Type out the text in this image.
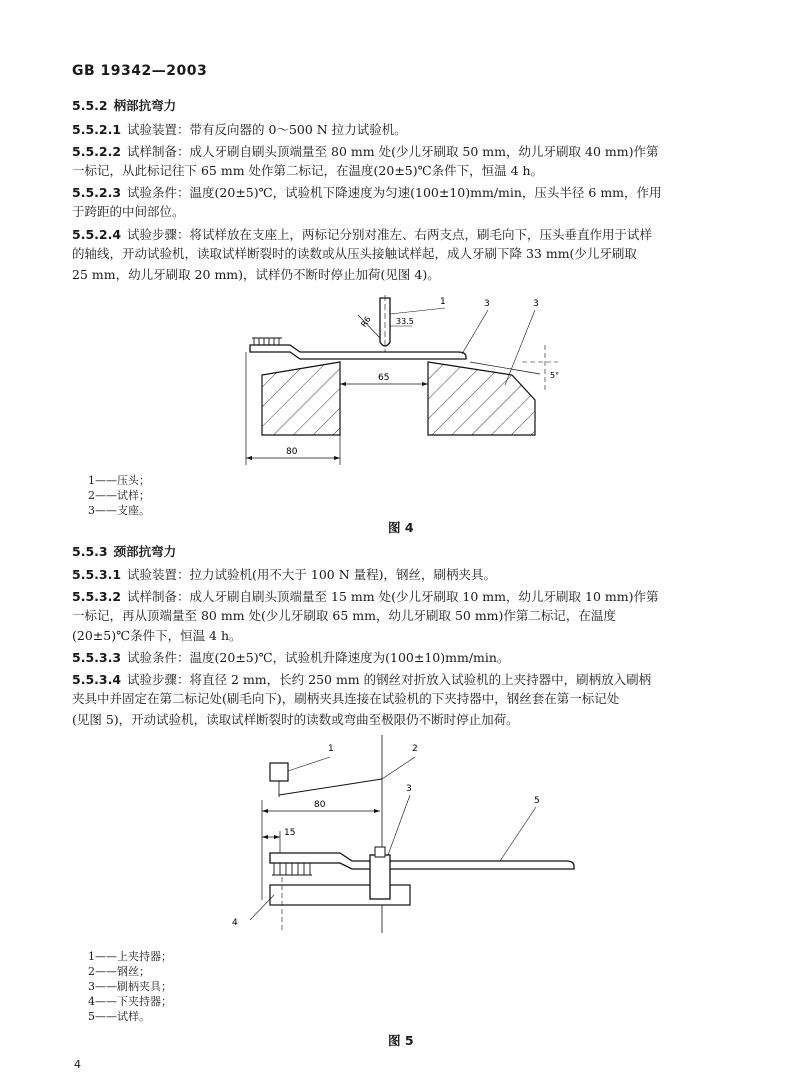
GB 19342—2003
5.5.2 柄部抗弯力
5.5.2.1 试验装置：带有反向器的 0～500 N 拉力试验机。
5.5.2.2 试样制备：成人牙刷自刷头顶端量至 80 mm 处(少儿牙刷取 50 mm，幼儿牙刷取 40 mm)作第
一标记，从此标记往下 65 mm 处作第二标记，在温度(20±5)℃条件下，恒温 4 h。
5.5.2.3 试验条件：温度(20±5)℃，试验机下降速度为匀速(100±10)mm/min，压头半径 6 mm，作用
于跨距的中间部位。
5.5.2.4 试验步骤：将试样放在支座上，两标记分别对准左、右两支点，刷毛向下，压头垂直作用于试样
的轴线，开动试验机，读取试样断裂时的读数或从压头接触试样起，成人牙刷下降 33 mm(少儿牙刷取
25 mm，幼儿牙刷取 20 mm)，试样仍不断时停止加荷(见图 4)。
65
80
R6	33.5
5°
1	3	3
1——压头；
2——试样；
3——支座。
图 4
5.5.3 颈部抗弯力
5.5.3.1 试验装置：拉力试验机(用不大于 100 N 量程)，钢丝，刷柄夹具。
5.5.3.2 试样制备：成人牙刷自刷头顶端量至 15 mm 处(少儿牙刷取 10 mm，幼儿牙刷取 10 mm)作第
一标记，再从顶端量至 80 mm 处(少儿牙刷取 65 mm，幼儿牙刷取 50 mm)作第二标记，在温度
(20±5)℃条件下，恒温 4 h。
5.5.3.3 试验条件：温度(20±5)℃，试验机升降速度为(100±10)mm/min。
5.5.3.4 试验步骤：将直径 2 mm，长约 250 mm 的钢丝对折放入试验机的上夹持器中，刷柄放入刷柄
夹具中并固定在第二标记处(刷毛向下)，刷柄夹具连接在试验机的下夹持器中，钢丝套在第一标记处
(见图 5)，开动试验机，读取试样断裂时的读数或弯曲至极限仍不断时停止加荷。
80
15
1	2
3
4
5
1——上夹持器；
2——钢丝；
3——刷柄夹具；
4——下夹持器；
5——试样。
图 5
4
